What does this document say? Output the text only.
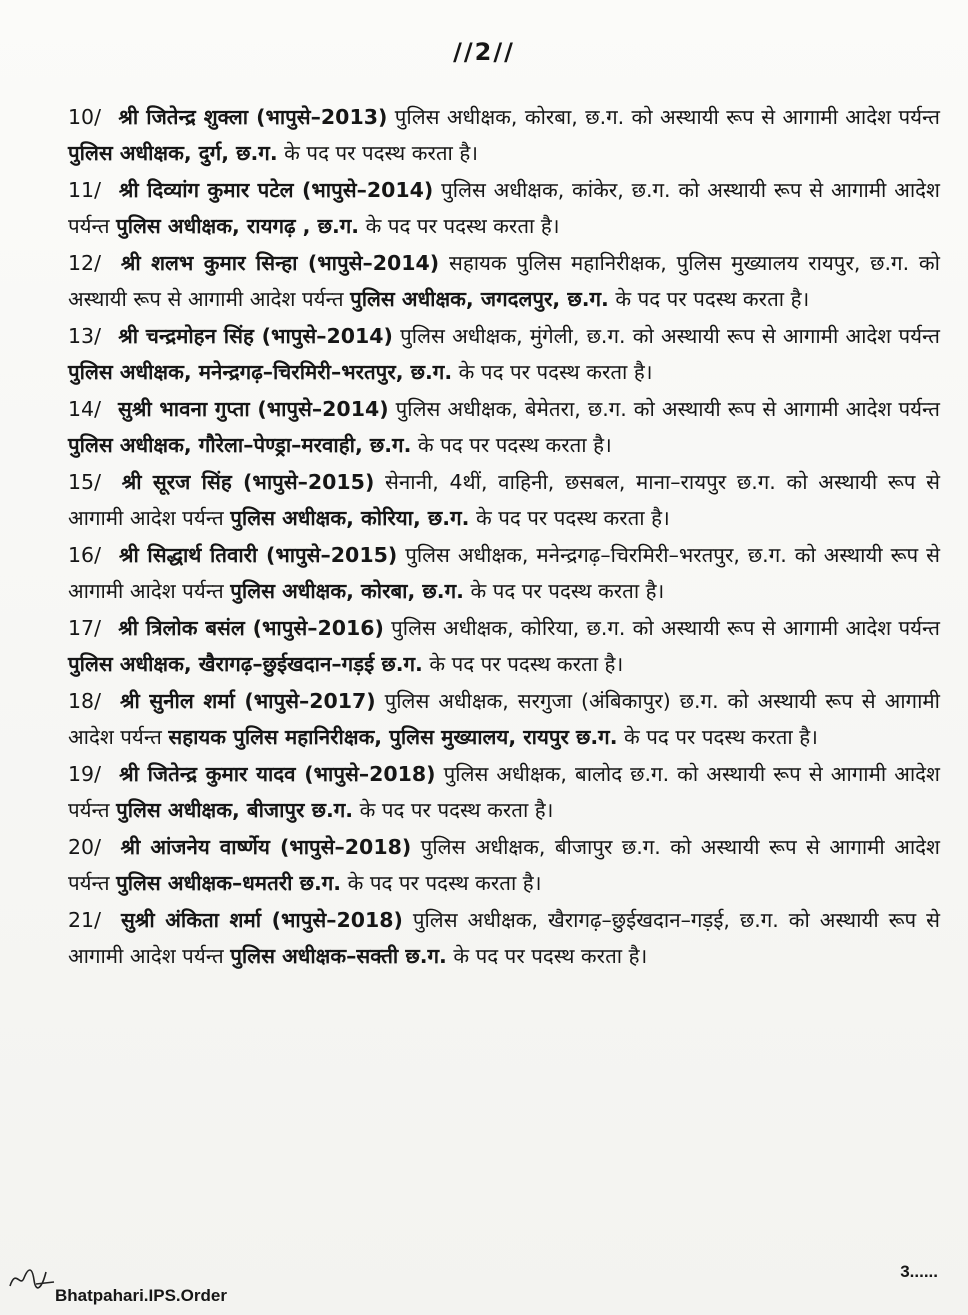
//2//
10/ श्री जितेन्द्र शुक्ला (भापुसे–2013) पुलिस अधीक्षक, कोरबा, छ.ग. को अस्थायी रूप से आगामी आदेश पर्यन्त पुलिस अधीक्षक, दुर्ग, छ.ग. के पद पर पदस्थ करता है।
11/ श्री दिव्यांग कुमार पटेल (भापुसे–2014) पुलिस अधीक्षक, कांकेर, छ.ग. को अस्थायी रूप से आगामी आदेश पर्यन्त पुलिस अधीक्षक, रायगढ़ , छ.ग. के पद पर पदस्थ करता है।
12/ श्री शलभ कुमार सिन्हा (भापुसे–2014) सहायक पुलिस महानिरीक्षक, पुलिस मुख्यालय रायपुर, छ.ग. को अस्थायी रूप से आगामी आदेश पर्यन्त पुलिस अधीक्षक, जगदलपुर, छ.ग. के पद पर पदस्थ करता है।
13/ श्री चन्द्रमोहन सिंह (भापुसे–2014) पुलिस अधीक्षक, मुंगेली, छ.ग. को अस्थायी रूप से आगामी आदेश पर्यन्त पुलिस अधीक्षक, मनेन्द्रगढ़–चिरमिरी–भरतपुर, छ.ग. के पद पर पदस्थ करता है।
14/ सुश्री भावना गुप्ता (भापुसे–2014) पुलिस अधीक्षक, बेमेतरा, छ.ग. को अस्थायी रूप से आगामी आदेश पर्यन्त पुलिस अधीक्षक, गौरेला–पेण्ड्रा–मरवाही, छ.ग. के पद पर पदस्थ करता है।
15/ श्री सूरज सिंह (भापुसे–2015) सेनानी, 4थीं, वाहिनी, छसबल, माना–रायपुर छ.ग. को अस्थायी रूप से आगामी आदेश पर्यन्त पुलिस अधीक्षक, कोरिया, छ.ग. के पद पर पदस्थ करता है।
16/ श्री सिद्धार्थ तिवारी (भापुसे–2015) पुलिस अधीक्षक, मनेन्द्रगढ़–चिरमिरी–भरतपुर, छ.ग. को अस्थायी रूप से आगामी आदेश पर्यन्त पुलिस अधीक्षक, कोरबा, छ.ग. के पद पर पदस्थ करता है।
17/ श्री त्रिलोक बसंल (भापुसे–2016) पुलिस अधीक्षक, कोरिया, छ.ग. को अस्थायी रूप से आगामी आदेश पर्यन्त पुलिस अधीक्षक, खैरागढ़–छुईखदान–गड़ई छ.ग. के पद पर पदस्थ करता है।
18/ श्री सुनील शर्मा (भापुसे–2017) पुलिस अधीक्षक, सरगुजा (अंबिकापुर) छ.ग. को अस्थायी रूप से आगामी आदेश पर्यन्त सहायक पुलिस महानिरीक्षक, पुलिस मुख्यालय, रायपुर छ.ग. के पद पर पदस्थ करता है।
19/ श्री जितेन्द्र कुमार यादव (भापुसे–2018) पुलिस अधीक्षक, बालोद छ.ग. को अस्थायी रूप से आगामी आदेश पर्यन्त पुलिस अधीक्षक, बीजापुर छ.ग. के पद पर पदस्थ करता है।
20/ श्री आंजनेय वार्ष्णेय (भापुसे–2018) पुलिस अधीक्षक, बीजापुर छ.ग. को अस्थायी रूप से आगामी आदेश पर्यन्त पुलिस अधीक्षक–धमतरी छ.ग. के पद पर पदस्थ करता है।
21/ सुश्री अंकिता शर्मा (भापुसे–2018) पुलिस अधीक्षक, खैरागढ़–छुईखदान–गड़ई, छ.ग. को अस्थायी रूप से आगामी आदेश पर्यन्त पुलिस अधीक्षक–सक्ती छ.ग. के पद पर पदस्थ करता है।
3......
Bhatpahari.IPS.Order
